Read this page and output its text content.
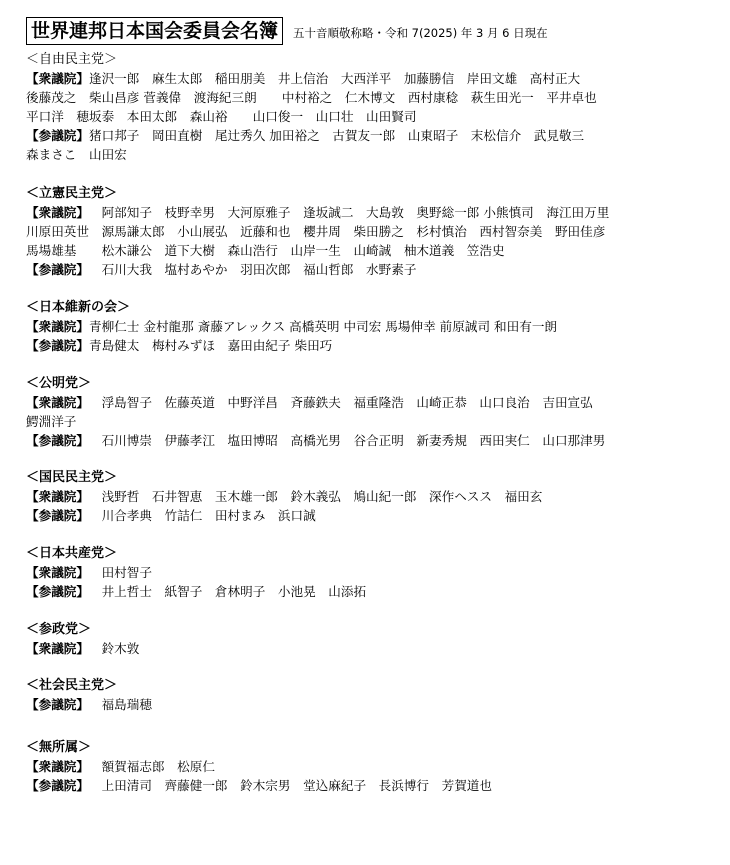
世界連邦日本国会委員会名簿	五十音順敬称略・令和 7(2025) 年 3 月 6 日現在
＜自由民主党＞
【衆議院】 逢沢一郎　麻生太郎　稲田朋美　井上信治　大西洋平　加藤勝信　岸田文雄　高村正大
後藤茂之　柴山昌彦 菅義偉　渡海紀三朗　　中村裕之　仁木博文　西村康稔　萩生田光一　平井卓也
平口洋　穂坂泰　本田太郎　森山裕　　山口俊一　山口壮　山田賢司
【参議院】 猪口邦子　岡田直樹　尾辻秀久 加田裕之　古賀友一郎　山東昭子　末松信介　武見敬三
森まさこ　山田宏
＜立憲民主党＞
【衆議院】 　阿部知子　枝野幸男　大河原雅子　逢坂誠二　大島敦　奥野総一郎 小熊慎司　海江田万里
川原田英世　源馬謙太郎　小山展弘　近藤和也　櫻井周　柴田勝之　杉村慎治　西村智奈美　野田佳彦
馬場雄基　　松木謙公　道下大樹　森山浩行　山岸一生　山崎誠　柚木道義　笠浩史
【参議院】 　石川大我　塩村あやか　羽田次郎　福山哲郎　水野素子
＜日本維新の会＞
【衆議院】 青柳仁士 金村龍那 斎藤アレックス 高橋英明 中司宏 馬場伸幸 前原誠司 和田有一朗
【参議院】 青島健太　梅村みずほ　嘉田由紀子 柴田巧
＜公明党＞
【衆議院】 　浮島智子　佐藤英道　中野洋昌　斉藤鉄夫　福重隆浩　山崎正恭　山口良治　吉田宣弘
鰐淵洋子
【参議院】 　石川博崇　伊藤孝江　塩田博昭　高橋光男　谷合正明　新妻秀規　西田実仁　山口那津男
＜国民民主党＞
【衆議院】 　浅野哲　石井智恵　玉木雄一郎　鈴木義弘　鳩山紀一郎　深作ヘスス　福田玄
【参議院】 　川合孝典　竹詰仁　田村まみ　浜口誠
＜日本共産党＞
【衆議院】 　田村智子
【参議院】 　井上哲士　紙智子　倉林明子　小池晃　山添拓
＜参政党＞
【衆議院】 　鈴木敦
＜社会民主党＞
【参議院】 　福島瑞穂
＜無所属＞
【衆議院】 　額賀福志郎　松原仁
【参議院】 　上田清司　齊藤健一郎　鈴木宗男　堂込麻紀子　長浜博行　芳賀道也
